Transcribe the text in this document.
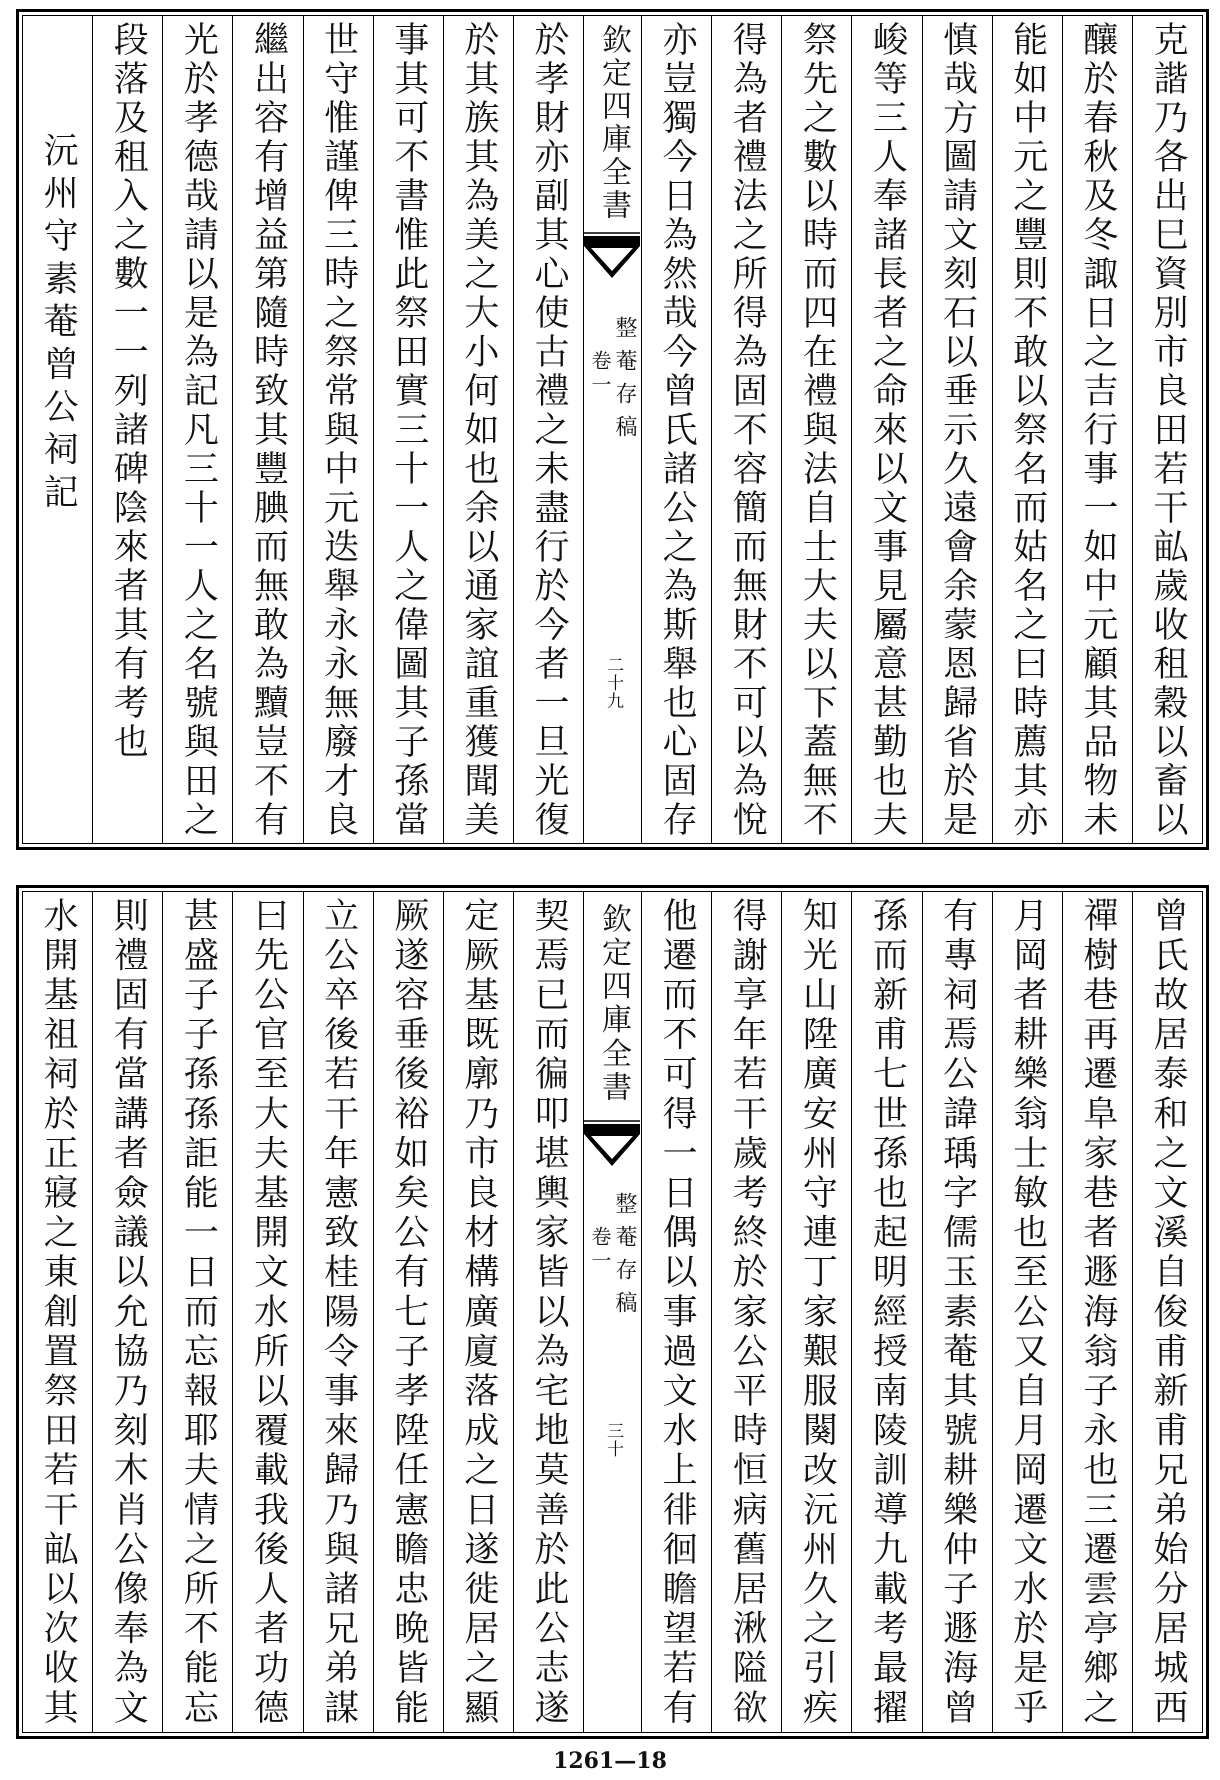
克諧乃各出巳資別市良田若干畆歲收租穀以畜以
釀於春秋及冬諏日之吉行事一如中元顧其品物未
能如中元之豐則不敢以祭名而姑名之曰時薦其亦
慎哉方圖請文刻石以垂示久遠會余蒙恩歸省於是
峻等三人奉諸長者之命來以文事見屬意甚勤也夫
祭先之數以時而四在禮與法自士大夫以下蓋無不
得為者禮法之所得為固不容簡而無財不可以為悅
亦豈獨今日為然哉今曾氏諸公之為斯舉也心固存
欽定四庫全書
整菴存稿
卷一
二十九
於孝財亦副其心使古禮之未盡行於今者一旦光復
於其族其為美之大小何如也余以通家誼重獲聞美
事其可不書惟此祭田實三十一人之偉圖其子孫當
世守惟謹俾三時之祭常與中元迭舉永永無廢才良
繼出容有增益第隨時致其豐腆而無敢為黷豈不有
光於孝德哉請以是為記凡三十一人之名號與田之
段落及租入之數一一列諸碑陰來者其有考也
沅州守素菴曾公祠記
曾氏故居泰和之文溪自俊甫新甫兄弟始分居城西
禪樹巷再遷阜家巷者遯海翁子永也三遷雲亭鄉之
月岡者耕樂翁士敏也至公又自月岡遷文水於是乎
有專祠焉公諱瑀字儒玉素菴其號耕樂仲子遯海曾
孫而新甫七世孫也起明經授南陵訓導九載考最擢
知光山陞廣安州守連丁家艱服闋改沅州久之引疾
得謝享年若干歲考終於家公平時恒病舊居湫隘欲
他遷而不可得一日偶以事過文水上徘徊瞻望若有
欽定四庫全書
整菴存稿
卷一
三十
契焉已而徧叩堪輿家皆以為宅地莫善於此公志遂
定厥基既廓乃市良材構廣廈落成之日遂徙居之顯
厥遂容垂後裕如矣公有七子孝陞任憲瞻忠晩皆能
立公卒後若干年憲致桂陽令事來歸乃與諸兄弟謀
曰先公官至大夫基開文水所以覆載我後人者功德
甚盛子子孫孫詎能一日而忘報耶夫情之所不能忘
則禮固有當講者僉議以允協乃刻木肖公像奉為文
水開基祖祠於正寢之東創置祭田若干畆以次收其
1261—18
